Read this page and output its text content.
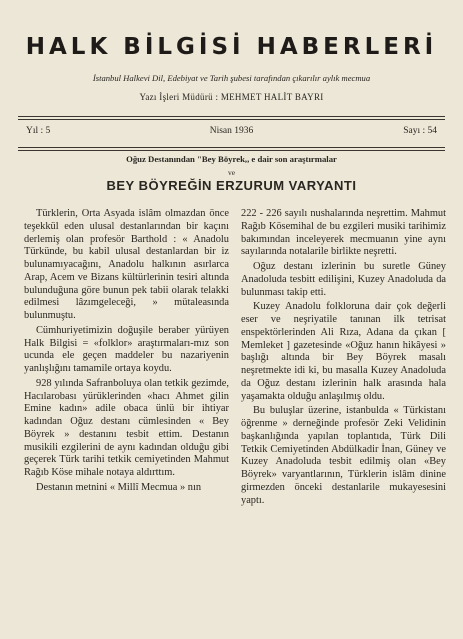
HALK BİLGİSİ HABERLERİ
İstanbul Halkevi Dil, Edebiyat ve Tarih şubesi tarafından çıkarılır aylık mecmua
Yazı İşleri Müdürü : MEHMET HALİT BAYRI
Yıl : 5	Nisan 1936	Sayı : 54
Oğuz Destanından "Bey Böyrek,, e dair son araştırmalar
ve
BEY BÖYREĞİN ERZURUM VARYANTI

Türklerin, Orta Asyada islâm olmazdan önce teşekkül eden ulusal destanlarından bir kaçını derlemiş olan profesör Barthold : « Anadolu Türkünde, bu kabil ulusal destanlardan bir iz bulunamıyacağını, Anadolu halkının asırlarca Arap, Acem ve Bizans kültürlerinin tesiri altında bulunduğuna göre bunun pek tabii olarak telakki edilmesi lâzımgeleceği, » mütaleasında bulunmuştu.

Cümhuriyetimizin doğuşile beraber yürüyen Halk Bilgisi = «folklor» araştırmaları-mız son ucunda ele geçen maddeler bu nazariyenin yanlışlığını tamamile ortaya koydu.

928 yılında Safranboluya olan tetkik gezimde, Hacılarobası yürüklerinden «hacı Ahmet gilin Emine kadın» adile obaca ünlü bir ihtiyar kadından Oğuz destanı cümlesinden « Bey Böyrek » destanını tesbit ettim. Destanın musikili ezgilerini de aynı kadından olduğu gibi geçerek Türk tarihi tetkik cemiyetinden Mahmut Rağıb Köse mihale notaya aldırttım.

Destanın metnini « Millî Mecmua » nın

222 - 226 sayılı nushalarında neşrettim. Mahmut Rağıb Kösemihal de bu ezgileri musiki tarihimiz bakımından inceleyerek mecmuanın yine aynı sayılarında notalarile birlikte neşretti.

Oğuz destanı izlerinin bu suretle Güney Anadoluda tesbitt edilişini, Kuzey Anadoluda da bulunması takip etti.

Kuzey Anadolu folkloruna dair çok değerli eser ve neşriyatile tanınan ilk tetrisat enspektörlerinden Ali Rıza, Adana da çıkan [ Memleket ] gazetesinde «Oğuz hanın hikâyesi » başlığı altında bir Bey Böyrek masalı neşretmekte idi ki, bu masalla Kuzey Anadoluda da Oğuz destanı izlerinin halk arasında hala yaşamakta olduğu anlaşılmış oldu.

Bu buluşlar üzerine, istanbulda « Türkistanı öğrenme » derneğinde profesör Zeki Velidinin başkanlığında yapılan toplantıda, Türk Dili Tetkik Cemiyetinden Abdülkadir İnan, Güney ve Kuzey Anadoluda tesbit edilmiş olan «Bey Böyrek» varyantlarının, Türklerin islâm dinine girmezden önceki destanlarile mukayesesini yaptı.
